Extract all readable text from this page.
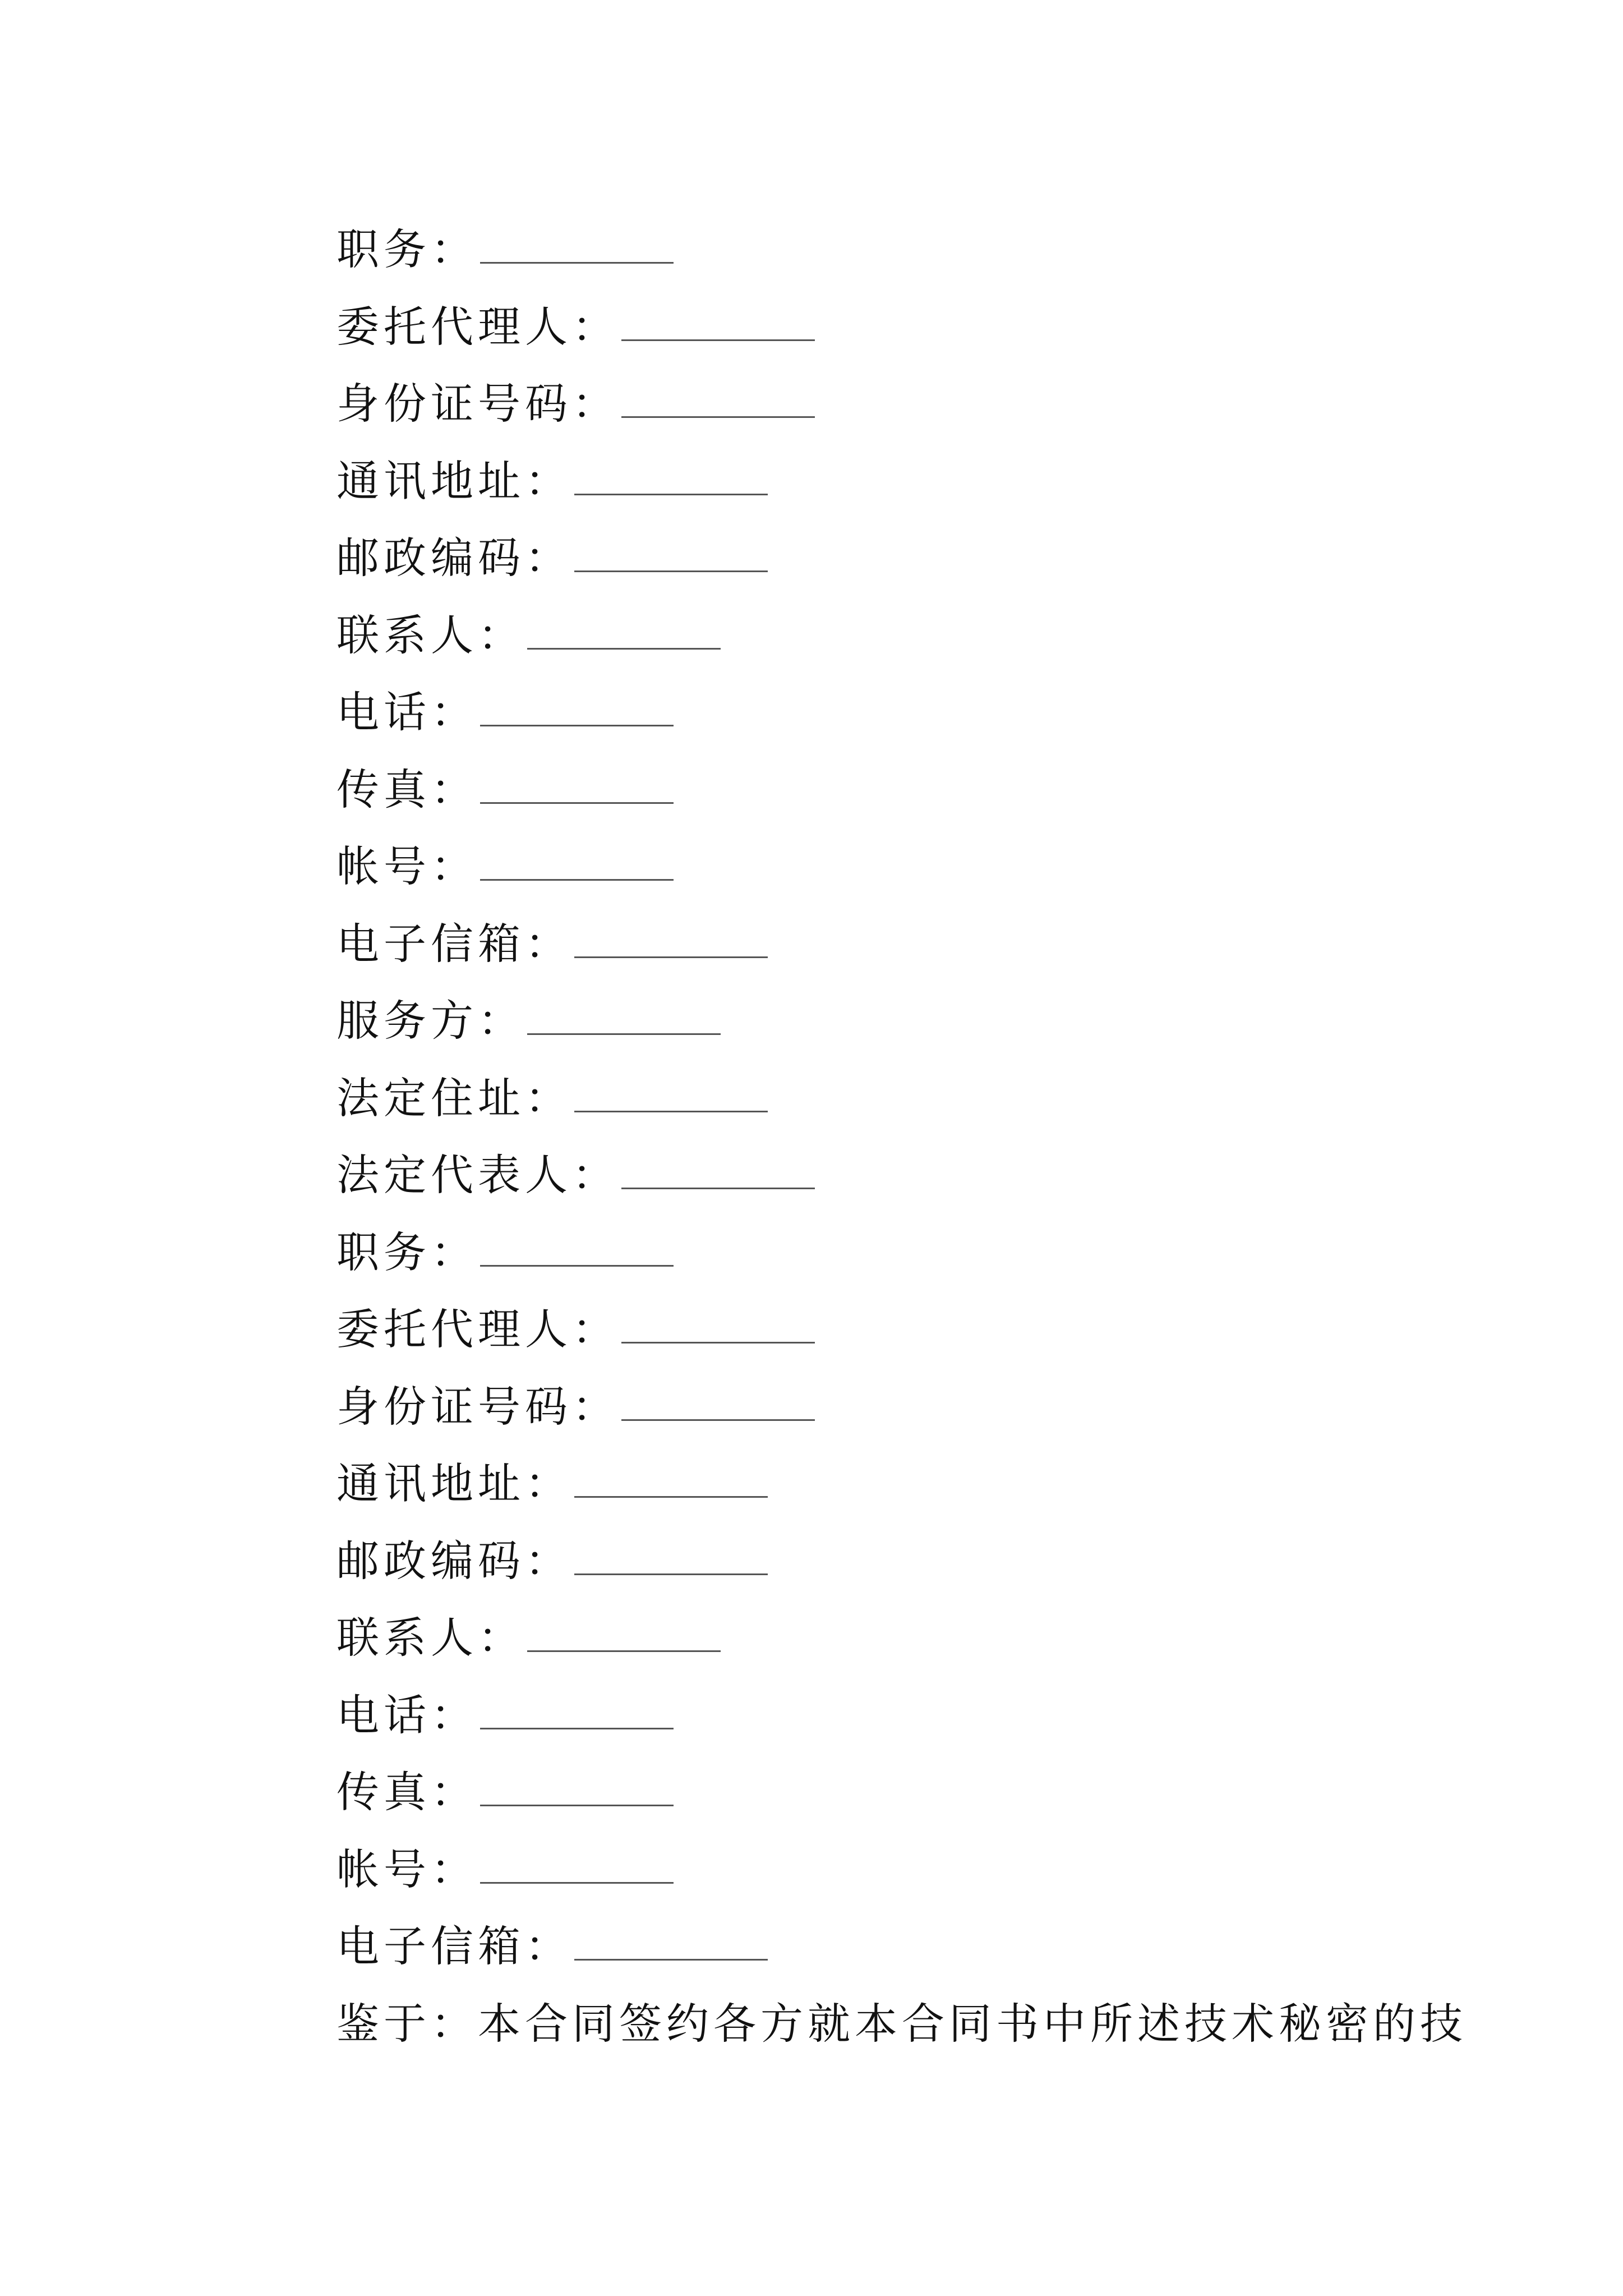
职务：
委托代理人：
身份证号码：
通讯地址：
邮政编码：
联系人：
电话：
传真：
帐号：
电子信箱：
服务方：
法定住址：
法定代表人：
职务：
委托代理人：
身份证号码：
通讯地址：
邮政编码：
联系人：
电话：
传真：
帐号：
电子信箱：
鉴于：本合同签约各方就本合同书中所述技术秘密的技
